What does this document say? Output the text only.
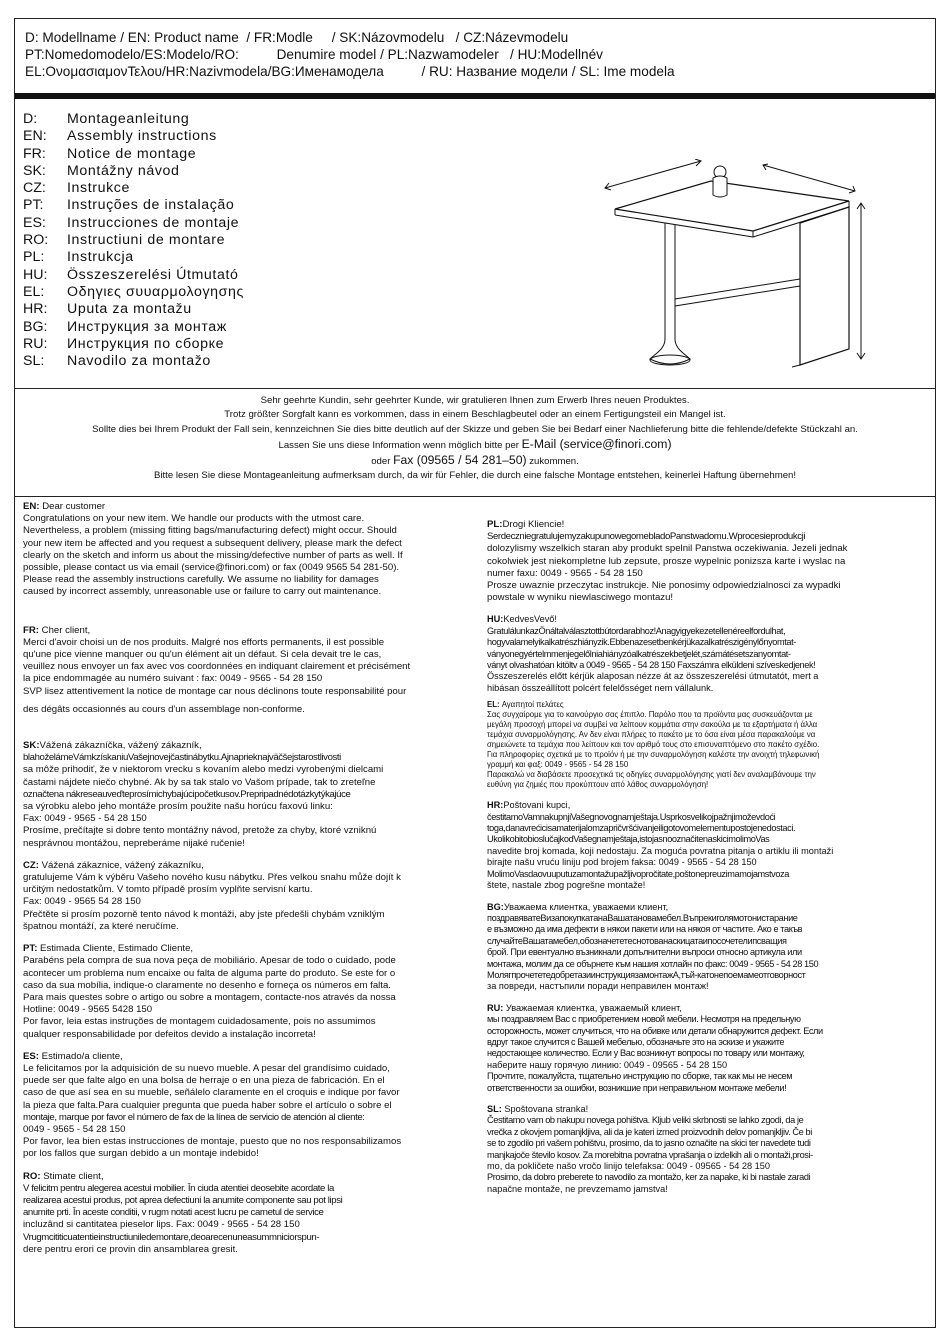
D: Modellname / EN: Product name  / FR:Modle     / SK:Názovmodelu   / CZ:Názevmodelu
PT:Nomedomodelo/ES:Modelo/RO:          Denumire model / PL:Nazwamodeler   / HU:Modellnév
EL:ΟνομασιαμονΤελου/HR:Nazivmodela/BG:Именамодела          / RU: Название модели / SL: Ime modela
D: Montageanleitung
EN: Assembly instructions
FR: Notice de montage
SK: Montážny návod
CZ: Instrukce
PT: Instruções de instalação
ES: Instrucciones de montaje
RO: Instructiuni de montare
PL: Instrukcja
HU: Összeszerelési Útmutató
EL: Οδηγιες συυαρμολογησης
HR: Uputa za montažu
BG: Инструкция за монтаж
RU: Инструкция по сборке
SL: Navodilo za montažo
Sehr geehrte Kundin, sehr geehrter Kunde, wir gratulieren Ihnen zum Erwerb Ihres neuen Produktes.
Trotz größter Sorgfalt kann es vorkommen, dass in einem Beschlagbeutel oder an einem Fertigungsteil ein Mangel ist.
Sollte dies bei Ihrem Produkt der Fall sein, kennzeichnen Sie dies bitte deutlich auf der Skizze und geben Sie bei Bedarf einer Nachlieferung bitte die fehlende/defekte Stückzahl an.
Lassen Sie uns diese Information wenn möglich bitte per E-Mail (service@finori.com)
oder Fax (09565 / 54 281–50) zukommen.
Bitte lesen Sie diese Montageanleitung aufmerksam durch, da wir für Fehler, die durch eine falsche Montage entstehen, keinerlei Haftung übernehmen!

EN: Dear customer

Congratulations on your new item. We handle our products with the utmost care.

Nevertheless, a problem (missing fitting bags/manufacturing defect) might occur. Should

your new item be affected and you request a subsequent delivery, please mark the defect

clearly on the sketch and inform us about the missing/defective number of parts as well. If

possible, please contact us via email (service@finori.com) or fax (0049 9565 54 281-50).

Please read the assembly instructions carefully. We assume no liability for damages

caused by incorrect assembly, unreasonable use or failure to carry out maintenance.

FR: Cher client,

Merci d'avoir choisi un de nos produits. Malgré nos efforts permanents, il est possible

qu'une pice vienne manquer ou qu'un élément ait un défaut. Si cela devait tre le cas,

veuillez nous envoyer un fax avec vos coordonnées en indiquant clairement et précisément

la pice endommagée au numéro suivant : fax: 0049 - 9565 - 54 28 150

SVP lisez attentivement la notice de montage car nous déclinons toute responsabilité pour

des dégâts occasionnés au cours d'un assemblage non-conforme.

SK:Vážená zákazníčka, vážený zákazník,

blahoželámeVámkzískaniuVašejnovejčastinábytku.Ajnaprieknajväčšejstarostlivosti

sa môže prihodiť, že v niektorom vrecku s kovaním alebo medzi vyrobenými dielcami

častami nájdete niečo chybné. Ak by sa tak stalo vo Vašom prípade, tak to zreteľne

označtena nákreseauveďteprosímichybajúcipočetkusov.Prepripadnédotázkytýkajúce

sa výrobku alebo jeho montáže prosím použite našu horúcu faxovú linku:

Fax: 0049 - 9565 - 54 28 150

Prosíme, prečítajte si dobre tento montážny návod, pretože za chyby, ktoré vzniknú

nesprávnou montážou, nepreberáme nijaké ručenie!

CZ: Vážená zákaznice, vážený zákazníku,

gratulujeme Vám k výběru Vašeho nového kusu nábytku. Přes velkou snahu může dojít k

určitým nedostatkům. V tomto případě prosím vyplňte servisní kartu.

Fax: 0049 - 9565 54 28 150

Přečtěte si prosím pozorně tento návod k montáži, aby jste předešli chybám vzniklým

špatnou montáží, za které neručíme.

PT: Estimada Cliente, Estimado Cliente,

Parabéns pela compra de sua nova peça de mobiliário. Apesar de todo o cuidado, pode

acontecer um problema num encaixe ou falta de alguma parte do produto. Se este for o

caso da sua mobília, indique-o claramente no desenho e forneça os números em falta.

Para mais questes sobre o artigo ou sobre a montagem, contacte-nos através da nossa

Hotline: 0049 - 9565 5428 150

Por favor, leia estas instruções de montagem cuidadosamente, pois no assumimos

qualquer responsabilidade por defeitos devido a instalação incorreta!

ES: Estimado/a cliente,

Le felicitamos por la adquisición de su nuevo mueble. A pesar del grandísimo cuidado,

puede ser que falte algo en una bolsa de herraje o en una pieza de fabricación. En el

caso de que así sea en su mueble, señálelo claramente en el croquis e indique por favor

la pieza que falta.Para cualquier pregunta que pueda haber sobre el artículo o sobre el

montaje, marque por favor el número de fax de la línea de servicio de atención al cliente:

0049 - 9565 - 54 28 150

Por favor, lea bien estas instrucciones de montaje, puesto que no nos responsabilizamos

por los fallos que surgan debido a un montaje indebido!

RO: Stimate client,

V felicitm pentru alegerea acestui mobilier. În ciuda atentiei deosebite acordate la

realizarea acestui produs, pot aprea defectiuni la anumite componente sau pot lipsi

anumite prti. În aceste conditii, v rugm notati acest lucru pe carnetul de service

incluzând si cantitatea pieselor lips. Fax: 0049 - 9565 - 54 28 150

Vrugmcititicuatentieinstructiuniledemontare,deoarecenuneasummniciorspun-

dere pentru erori ce provin din ansamblarea gresit.

PL:Drogi Kliencie!

SerdeczniegratulujemyzakupunowegomebladoPanstwadomu.Wprocesieprodukcji

dolozylismy wszelkich staran aby produkt spelnil Panstwa oczekiwania. Jezeli jednak

cokolwiek jest niekompletne lub zepsute, prosze wypelnic ponizsza karte i wyslac na

numer faxu: 0049 - 9565 - 54 28 150

Prosze uwaznie przeczytac instrukcje. Nie ponosimy odpowiedzialnosci za wypadki

powstale w wyniku niewlasciwego montazu!

HU:KedvesVevő!

GratulálunkazÖnáltalválasztottbútordarabhoz!Anagyigyekezetellenéreelfordulhat,

hogyvalamelyikalkatrészhiányzik.Ebbenazesetbenkérjükazalkatrészigénylőnyomtat-

ványonegyértelmmenjegelőlniahiányzóalkatrészekbetjelét,számátésetszanyomtat-

ványt olvashatóan kitöltv a 0049 - 9565 - 54 28 150 Faxszámra elküldeni szíveskedjenek!

Összeszerelés előtt kérjük alaposan nézze át az összeszerelési útmutatót, mert a

hibásan összeállított polcért felelősséget nem vállalunk.

EL: Αγαπητοί πελάτες

Σας συγχαίρομε για το καινούργιο σας έπιπλο. Παρόλο που τα προϊόντα μας συσκευάζονται με

μεγάλη προσοχή μπορεί να συμβεί να λείπουν κομμάτια στην σακούλα με τα εξαρτήματα ή άλλα

τεμάχια συναρμολόγησης. Αν δεν είναι πλήρες το πακέτο με το όσα είναι μέσα παρακαλούμε να

σημειώνετε τα τεμάχια που λείπουν και τον αριθμό τους στο επισυναπτόμενο στο πακέτο σχέδιο.

Για πληροφορίες σχετικά με το προϊόν ή με την συναρμολόγηση καλέστε την ανοιχτή τηλεφωνική

γραμμή και φαξ: 0049 - 9565 - 54 28 150

Παρακαλώ να διαβάσετε προσεχτικά τις οδηγίες συναρμολόγησης γιατί δεν αναλαμβάνουμε την

ευθύνη για ζημιές που προκύπτουν από λάθος συναρμολόγηση!

HR:Poštovani kupci,

čestitamoVamnakupnjiVašegnovognamještaja.Usprkosvelikojpažnjimoževdoći

toga,danavrećicisamaterijalomzapričvršćivanjeiligotovomelementupostojenedostaci.

UkolikobitobioslučajkodVašegnamještaja,istojasnooznačitenaskicimolimoVas

navedite broj komada, koji nedostaju. Za moguća povratna pitanja o artiklu ili montaži

birajte našu vruću liniju pod brojem faksa: 0049 - 9565 - 54 28 150

MolimoVasdaovuuputuzamontažupažljivopročitate,poštonepreuzimamojamstvoza

štete, nastale zbog pogrešne montaže!

BG:Уважаема клиентка, уважаеми клиент,

поздравяватеВизапокупкатанаВашатановамебел.Въпрекиголямотонистарание

е възможно да има дефекти в някои пакети или на някоя от частите. Ако е такъв

случайтеВашатамебел,обозначететеснотованаскицатаипосочетелипсващия

брой. При евентуално възникнали допълнителни въпроси относно артикула или

монтажа, молим да се обърнете към нашия хотлайн по факс: 0049 - 9565 - 54 28 150

МолягпрочететедобретазиинструкциязамонтажA,тъй-катонепоемамеотговорност

за повреди, настъпили поради неправилен монтаж!

RU: Уважаемая клиентка, уважаемый клиент,

мы поздравляем Вас с приобретением новой мебели. Несмотря на предельную

осторожность, может случиться, что на обивке или детали обнаружится дефект. Если

вдруг такое случится с Вашей мебелью, обозначьте это на эскизе и укажите

недостающее количество. Если у Вас возникнут вопросы по товару или монтажу,

наберите нашу горячую линию: 0049 - 09565 - 54 28 150

Прочтите, пожалуйста, тщательно инструкцию по сборке, так как мы не несем

ответственности за ошибки, возникшие при неправильном монтаже мебели!

SL: Spoštovana stranka!

Čestitamo vam ob nakupu novega pohištva. Kljub veliki skrbnosti se lahko zgodi, da je

vrečka z okovjem pomanjkljiva, ali da je kateri izmed proizvodnih delov pomanjkljiv. Če bi

se to zgodilo pri vašem pohištvu, prosimo, da to jasno označite na skici ter navedete tudi

manjkajoče število kosov. Za morebitna povratna vprašanja o izdelkih ali o montaži,prosi-

mo, da pokličete našo vročo linijo telefaksa: 0049 - 09565 - 54 28 150

Prosimo, da dobro preberete to navodilo za montažo, ker za napake, ki bi nastale zaradi

napačne montaže, ne prevzemamo jamstva!
